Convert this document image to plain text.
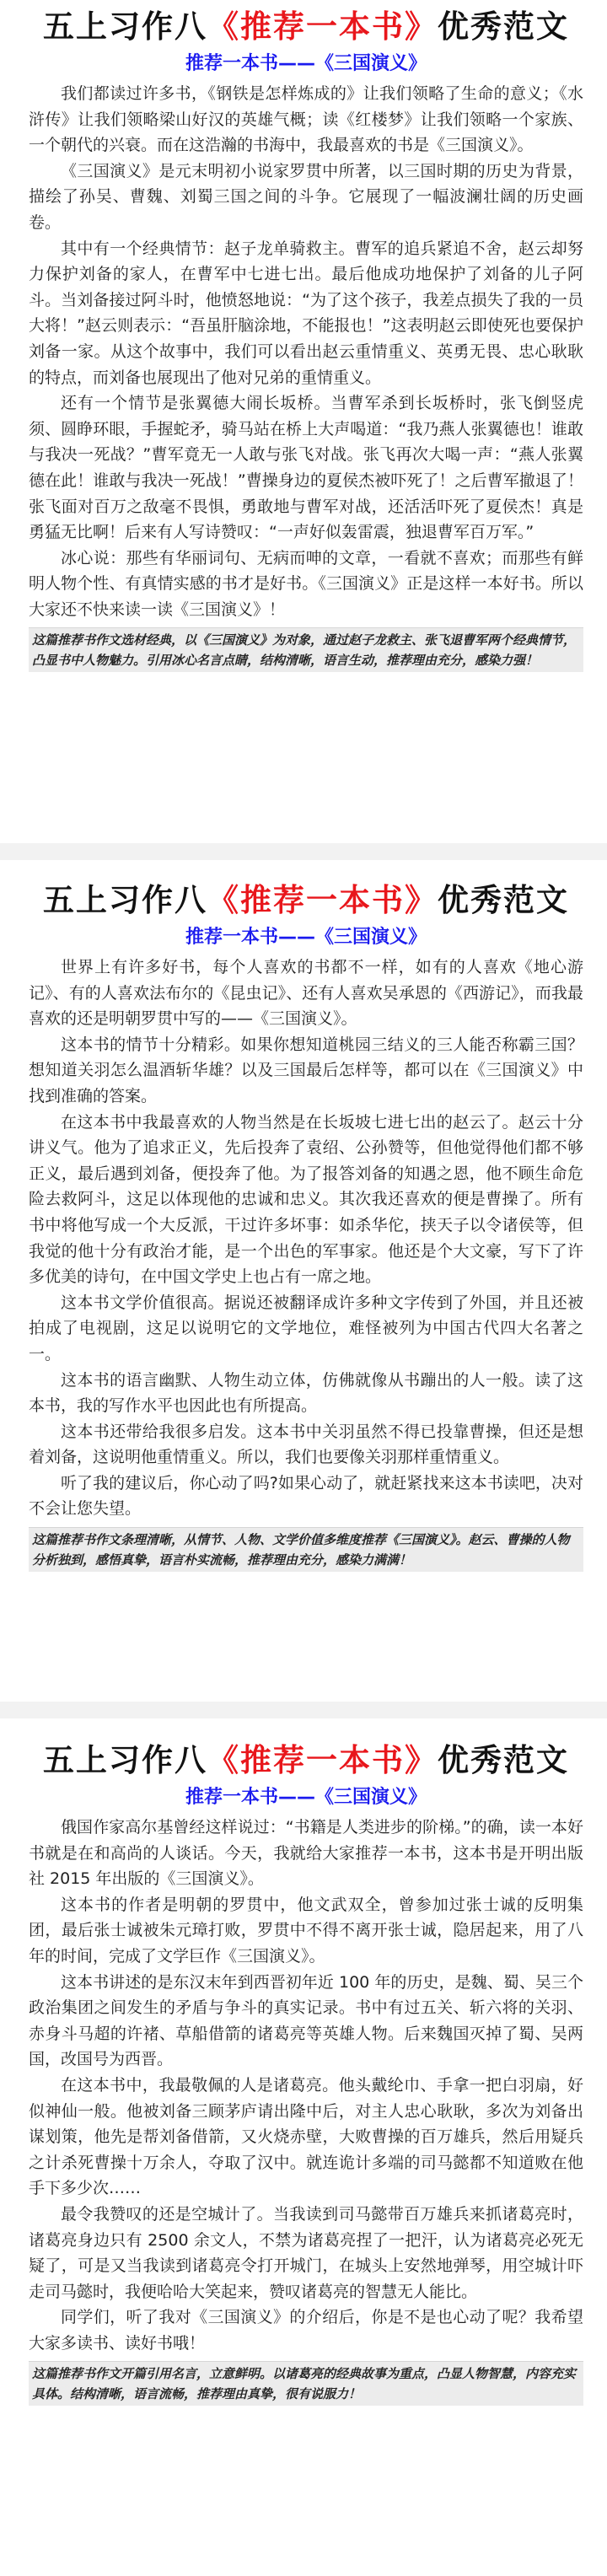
五上习作八《推荐一本书》优秀范文
推荐一本书——《三国演义》

我们都读过许多书，《钢铁是怎样炼成的》让我们领略了生命的意义；《水浒传》让我们领略梁山好汉的英雄气概；读《红楼梦》让我们领略一个家族、一个朝代的兴衰。而在这浩瀚的书海中，我最喜欢的书是《三国演义》。

《三国演义》是元末明初小说家罗贯中所著，以三国时期的历史为背景，描绘了孙吴、曹魏、刘蜀三国之间的斗争。它展现了一幅波澜壮阔的历史画卷。

其中有一个经典情节：赵子龙单骑救主。曹军的追兵紧追不舍，赵云却努力保护刘备的家人，在曹军中七进七出。最后他成功地保护了刘备的儿子阿斗。当刘备接过阿斗时，他愤怒地说：“为了这个孩子，我差点损失了我的一员大将！”赵云则表示：“吾虽肝脑涂地，不能报也！”这表明赵云即使死也要保护刘备一家。从这个故事中，我们可以看出赵云重情重义、英勇无畏、忠心耿耿的特点，而刘备也展现出了他对兄弟的重情重义。

还有一个情节是张翼德大闹长坂桥。当曹军杀到长坂桥时，张飞倒竖虎须、圆睁环眼，手握蛇矛，骑马站在桥上大声喝道：“我乃燕人张翼德也！谁敢与我决一死战？”曹军竟无一人敢与张飞对战。张飞再次大喝一声：“燕人张翼德在此！谁敢与我决一死战！”曹操身边的夏侯杰被吓死了！之后曹军撤退了！张飞面对百万之敌毫不畏惧，勇敢地与曹军对战，还活活吓死了夏侯杰！真是勇猛无比啊！后来有人写诗赞叹：“一声好似轰雷震，独退曹军百万军。”

冰心说：那些有华丽词句、无病而呻的文章，一看就不喜欢；而那些有鲜明人物个性、有真情实感的书才是好书。《三国演义》正是这样一本好书。所以大家还不快来读一读《三国演义》！

这篇推荐书作文选材经典，以《三国演义》为对象，通过赵子龙救主、张飞退曹军两个经典情节，凸显书中人物魅力。引用冰心名言点睛，结构清晰，语言生动，推荐理由充分，感染力强！
五上习作八《推荐一本书》优秀范文
推荐一本书——《三国演义》

世界上有许多好书，每个人喜欢的书都不一样，如有的人喜欢《地心游记》、有的人喜欢法布尔的《昆虫记》、还有人喜欢吴承恩的《西游记》，而我最喜欢的还是明朝罗贯中写的——《三国演义》。

这本书的情节十分精彩。如果你想知道桃园三结义的三人能否称霸三国？想知道关羽怎么温酒斩华雄？以及三国最后怎样等，都可以在《三国演义》中找到准确的答案。

在这本书中我最喜欢的人物当然是在长坂坡七进七出的赵云了。赵云十分讲义气。他为了追求正义，先后投奔了袁绍、公孙赞等，但他觉得他们都不够正义，最后遇到刘备，便投奔了他。为了报答刘备的知遇之恩，他不顾生命危险去救阿斗，这足以体现他的忠诚和忠义。其次我还喜欢的便是曹操了。所有书中将他写成一个大反派，干过许多坏事：如杀华佗，挟天子以令诸侯等，但我觉的他十分有政治才能，是一个出色的军事家。他还是个大文豪，写下了许多优美的诗句，在中国文学史上也占有一席之地。

这本书文学价值很高。据说还被翻译成许多种文字传到了外国，并且还被拍成了电视剧，这足以说明它的文学地位，难怪被列为中国古代四大名著之一。

这本书的语言幽默、人物生动立体，仿佛就像从书蹦出的人一般。读了这本书，我的写作水平也因此也有所提高。

这本书还带给我很多启发。这本书中关羽虽然不得已投靠曹操，但还是想着刘备，这说明他重情重义。所以，我们也要像关羽那样重情重义。

听了我的建议后，你心动了吗?如果心动了，就赶紧找来这本书读吧，决对不会让您失望。

这篇推荐书作文条理清晰，从情节、人物、文学价值多维度推荐《三国演义》。赵云、曹操的人物分析独到，感悟真挚，语言朴实流畅，推荐理由充分，感染力满满！
五上习作八《推荐一本书》优秀范文
推荐一本书——《三国演义》

俄国作家高尔基曾经这样说过：“书籍是人类进步的阶梯。”的确，读一本好书就是在和高尚的人谈话。今天，我就给大家推荐一本书，这本书是开明出版社 2015 年出版的《三国演义》。

这本书的作者是明朝的罗贯中，他文武双全，曾参加过张士诚的反明集团，最后张士诚被朱元璋打败，罗贯中不得不离开张士诚，隐居起来，用了八年的时间，完成了文学巨作《三国演义》。

这本书讲述的是东汉末年到西晋初年近 100 年的历史，是魏、蜀、吴三个政治集团之间发生的矛盾与争斗的真实记录。书中有过五关、斩六将的关羽、赤身斗马超的许褚、草船借箭的诸葛亮等英雄人物。后来魏国灭掉了蜀、吴两国，改国号为西晋。

在这本书中，我最敬佩的人是诸葛亮。他头戴纶巾、手拿一把白羽扇，好似神仙一般。他被刘备三顾茅庐请出隆中后，对主人忠心耿耿，多次为刘备出谋划策，他先是帮刘备借箭，又火烧赤壁，大败曹操的百万雄兵，然后用疑兵之计杀死曹操十万余人，夺取了汉中。就连诡计多端的司马懿都不知道败在他手下多少次……

最令我赞叹的还是空城计了。当我读到司马懿带百万雄兵来抓诸葛亮时，诸葛亮身边只有 2500 余文人，不禁为诸葛亮捏了一把汗，认为诸葛亮必死无疑了，可是又当我读到诸葛亮令打开城门，在城头上安然地弹琴，用空城计吓走司马懿时，我便哈哈大笑起来，赞叹诸葛亮的智慧无人能比。

同学们，听了我对《三国演义》的介绍后，你是不是也心动了呢？我希望大家多读书、读好书哦！

这篇推荐书作文开篇引用名言，立意鲜明。以诸葛亮的经典故事为重点，凸显人物智慧，内容充实具体。结构清晰，语言流畅，推荐理由真挚，很有说服力！
